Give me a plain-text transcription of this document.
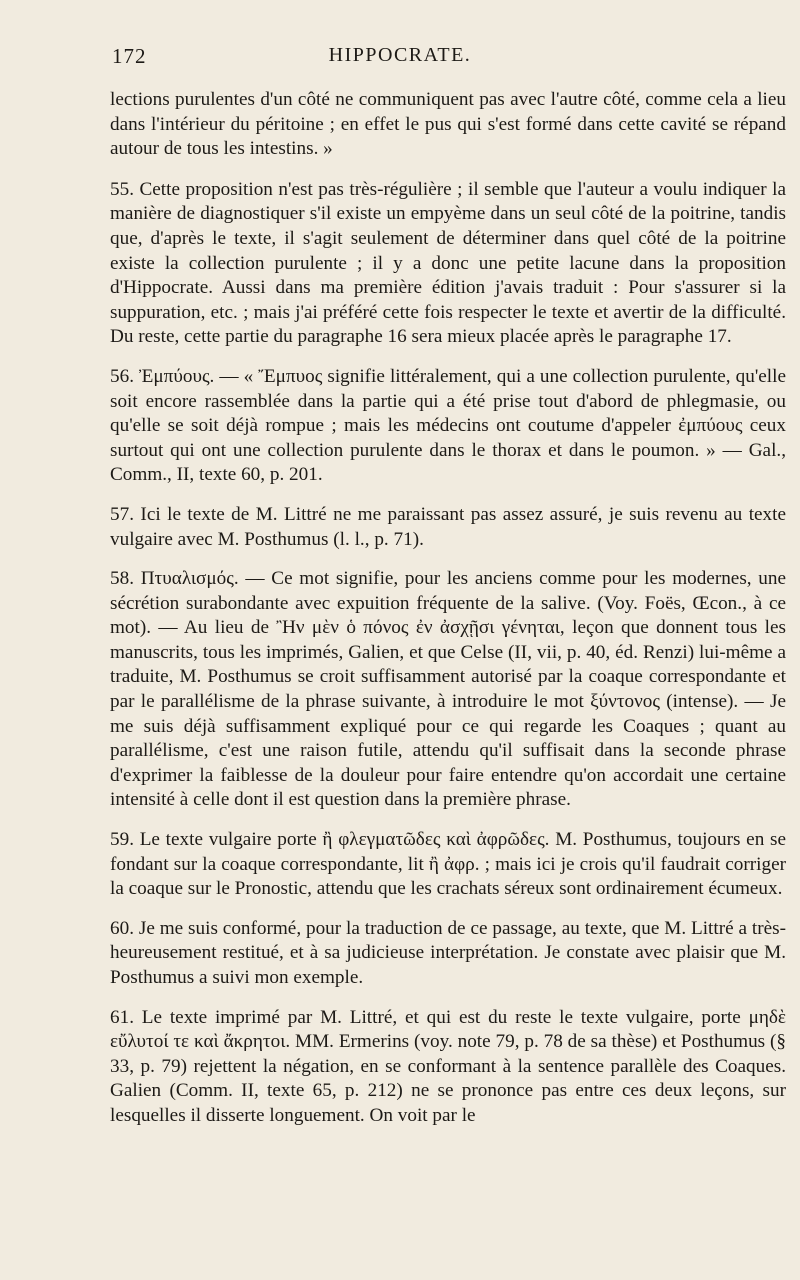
172	HIPPOCRATE.

lections purulentes d'un côté ne communiquent pas avec l'autre côté, comme cela a lieu dans l'intérieur du péritoine ; en effet le pus qui s'est formé dans cette cavité se répand autour de tous les intestins. »

55. Cette proposition n'est pas très-régulière ; il semble que l'auteur a voulu indiquer la manière de diagnostiquer s'il existe un empyème dans un seul côté de la poitrine, tandis que, d'après le texte, il s'agit seulement de déterminer dans quel côté de la poitrine existe la collection purulente ; il y a donc une petite lacune dans la proposition d'Hippocrate. Aussi dans ma première édition j'avais traduit : Pour s'assurer si la suppuration, etc. ; mais j'ai préféré cette fois respecter le texte et avertir de la difficulté. Du reste, cette partie du paragraphe 16 sera mieux placée après le paragraphe 17.

56. Ἐμπύους. — « Ἔμπυος signifie littéralement, qui a une collection purulente, qu'elle soit encore rassemblée dans la partie qui a été prise tout d'abord de phlegmasie, ou qu'elle se soit déjà rompue ; mais les médecins ont coutume d'appeler ἐμπύους ceux surtout qui ont une collection purulente dans le thorax et dans le poumon. » — Gal., Comm., II, texte 60, p. 201.

57. Ici le texte de M. Littré ne me paraissant pas assez assuré, je suis revenu au texte vulgaire avec M. Posthumus (l. l., p. 71).

58. Πτυαλισμός. — Ce mot signifie, pour les anciens comme pour les modernes, une sécrétion surabondante avec expuition fréquente de la salive. (Voy. Foës, Œcon., à ce mot). — Au lieu de Ἢν μὲν ὁ πόνος ἐν ἀσχῇσι γένηται, leçon que donnent tous les manuscrits, tous les imprimés, Galien, et que Celse (II, vii, p. 40, éd. Renzi) lui-même a traduite, M. Posthumus se croit suffisamment autorisé par la coaque correspondante et par le parallélisme de la phrase suivante, à introduire le mot ξύντονος (intense). — Je me suis déjà suffisamment expliqué pour ce qui regarde les Coaques ; quant au parallélisme, c'est une raison futile, attendu qu'il suffisait dans la seconde phrase d'exprimer la faiblesse de la douleur pour faire entendre qu'on accordait une certaine intensité à celle dont il est question dans la première phrase.

59. Le texte vulgaire porte ἢ φλεγματῶδες καὶ ἀφρῶδες. M. Posthumus, toujours en se fondant sur la coaque correspondante, lit ἢ ἀφρ. ; mais ici je crois qu'il faudrait corriger la coaque sur le Pronostic, attendu que les crachats séreux sont ordinairement écumeux.

60. Je me suis conformé, pour la traduction de ce passage, au texte, que M. Littré a très-heureusement restitué, et à sa judicieuse interprétation. Je constate avec plaisir que M. Posthumus a suivi mon exemple.

61. Le texte imprimé par M. Littré, et qui est du reste le texte vulgaire, porte μηδὲ εὔλυτοί τε καὶ ἄκρητοι. MM. Ermerins (voy. note 79, p. 78 de sa thèse) et Posthumus (§ 33, p. 79) rejettent la négation, en se conformant à la sentence parallèle des Coaques. Galien (Comm. II, texte 65, p. 212) ne se prononce pas entre ces deux leçons, sur lesquelles il disserte longuement. On voit par le
